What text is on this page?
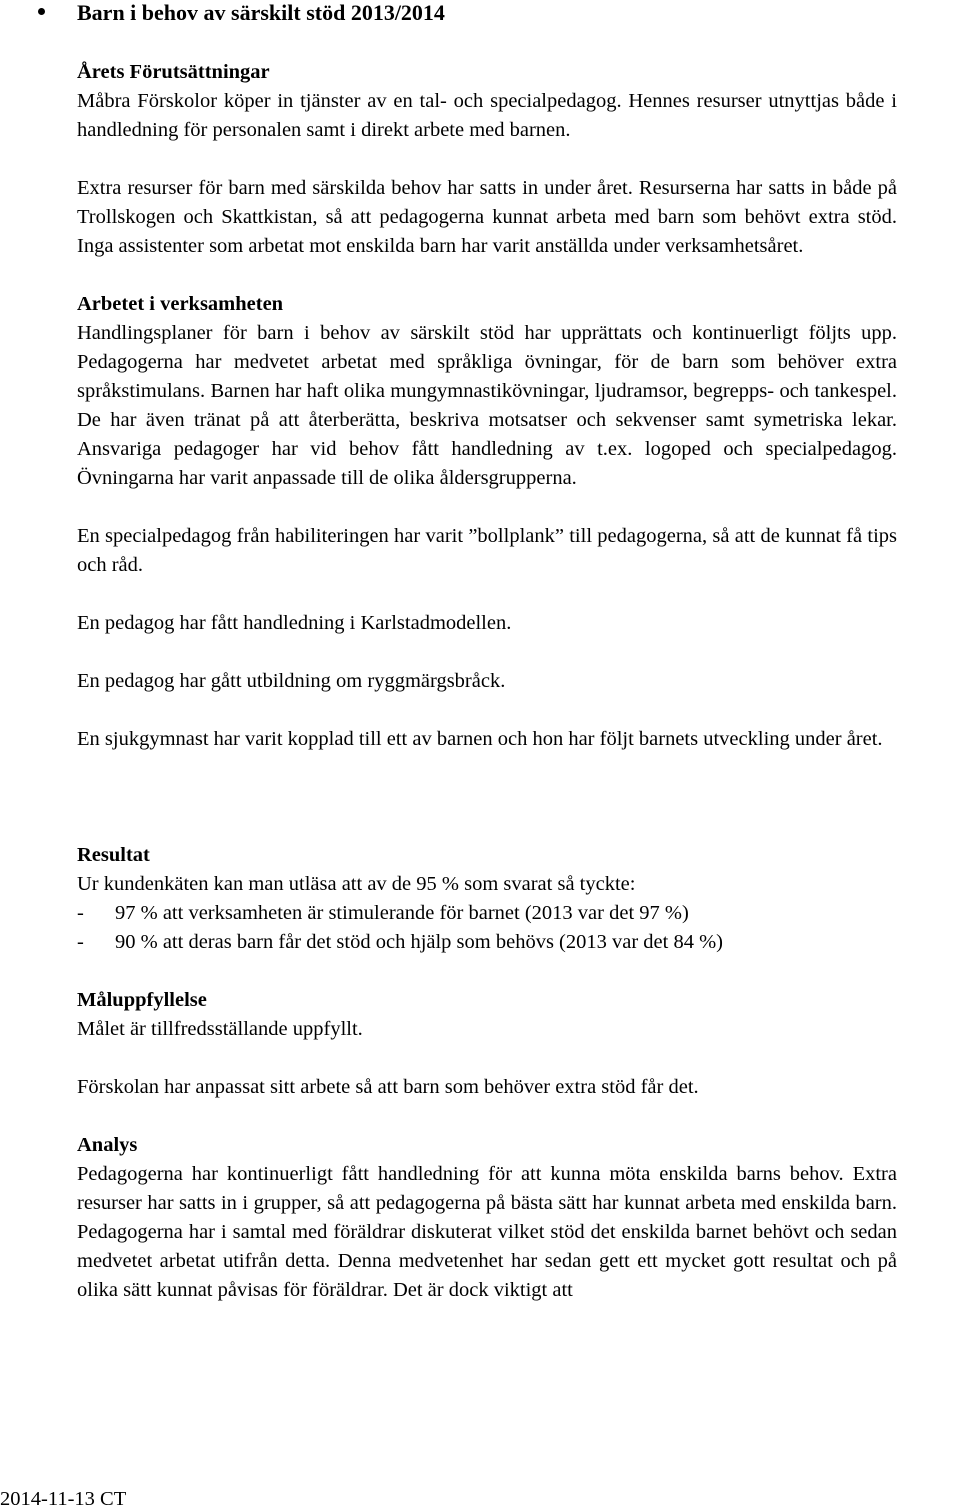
Barn i behov av särskilt stöd 2013/2014
Årets Förutsättningar

Måbra Förskolor köper in tjänster av en tal- och specialpedagog. Hennes resurser utnyttjas både i handledning för personalen samt i direkt arbete med barnen.

Extra resurser för barn med särskilda behov har satts in under året. Resurserna har satts in både på Trollskogen och Skattkistan, så att pedagogerna kunnat arbeta med barn som behövt extra stöd. Inga assistenter som arbetat mot enskilda barn har varit anställda under verksamhetsåret.

Arbetet i verksamheten

Handlingsplaner för barn i behov av särskilt stöd har upprättats och kontinuerligt följts upp. Pedagogerna har medvetet arbetat med språkliga övningar, för de barn som behöver extra språkstimulans. Barnen har haft olika mungymnastikövningar, ljudramsor, begrepps- och tankespel. De har även tränat på att återberätta, beskriva motsatser och sekvenser samt symetriska lekar. Ansvariga pedagoger har vid behov fått handledning av t.ex. logoped och specialpedagog. Övningarna har varit anpassade till de olika åldersgrupperna.

En specialpedagog från habiliteringen har varit ”bollplank” till pedagogerna, så att de kunnat få tips och råd.

En pedagog har fått handledning i Karlstadmodellen.

En pedagog har gått utbildning om ryggmärgsbråck.

En sjukgymnast har varit kopplad till ett av barnen och hon har följt barnets utveckling under året.

Resultat

Ur kundenkäten kan man utläsa att av de 95 % som svarat så tyckte:

- 97 % att verksamheten är stimulerande för barnet (2013 var det 97 %)
- 90 % att deras barn får det stöd och hjälp som behövs (2013 var det 84 %)
Måluppfyllelse

Målet är tillfredsställande uppfyllt.

Förskolan har anpassat sitt arbete så att barn som behöver extra stöd får det.

Analys

Pedagogerna har kontinuerligt fått handledning för att kunna möta enskilda barns behov. Extra resurser har satts in i grupper, så att pedagogerna på bästa sätt har kunnat arbeta med enskilda barn. Pedagogerna har i samtal med föräldrar diskuterat vilket stöd det enskilda barnet behövt och sedan medvetet arbetat utifrån detta. Denna medvetenhet har sedan gett ett mycket gott resultat och på olika sätt kunnat påvisas för föräldrar. Det är dock viktigt att

2014-11-13 CT
